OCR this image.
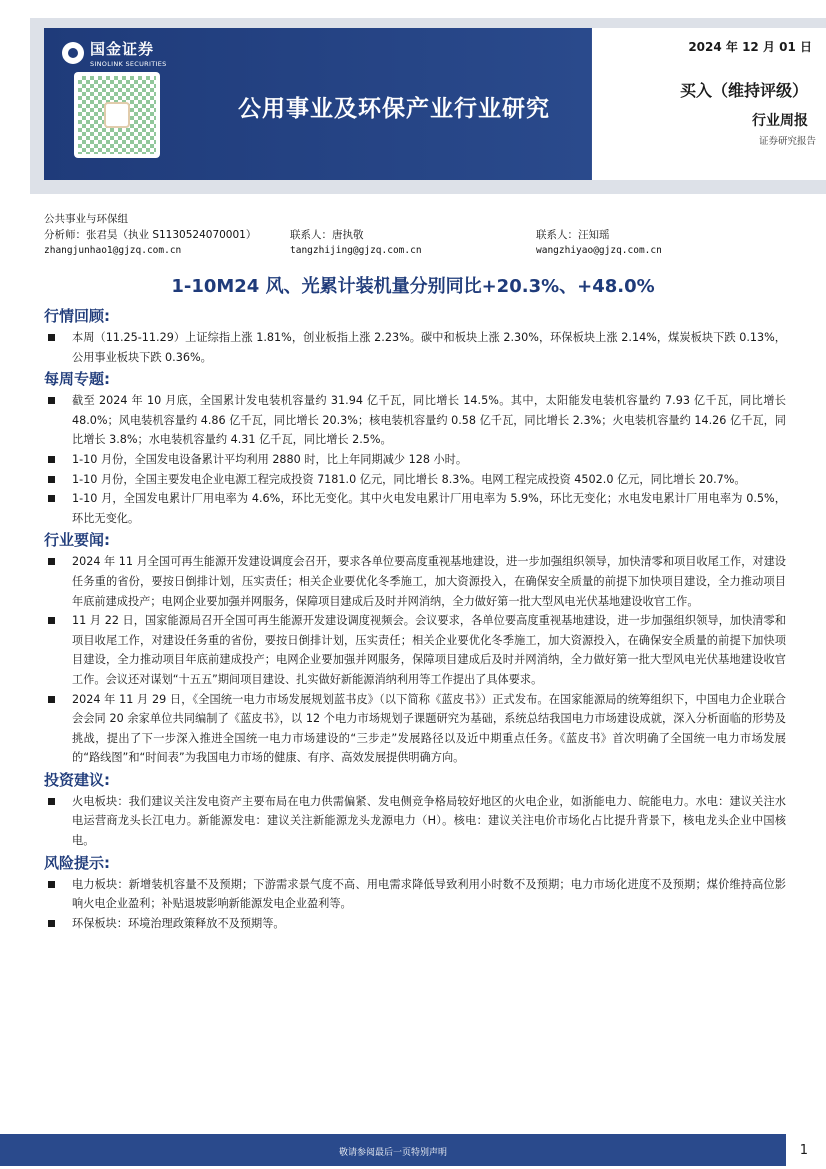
国金证券
SINOLINK SECURITIES
公用事业及环保产业行业研究
2024 年 12 月 01 日
买入（维持评级）
行业周报
证券研究报告
公共事业与环保组
分析师：张君昊（执业 S1130524070001）	联系人：唐执敬	联系人：汪知瑶
zhangjunhao1@gjzq.com.cn	tangzhijing@gjzq.com.cn	wangzhiyao@gjzq.com.cn
1-10M24 风、光累计装机量分别同比+20.3%、+48.0%
行情回顾:
本周（11.25-11.29）上证综指上涨 1.81%，创业板指上涨 2.23%。碳中和板块上涨 2.30%，环保板块上涨 2.14%，煤炭板块下跌 0.13%，公用事业板块下跌 0.36%。
每周专题:
截至 2024 年 10 月底，全国累计发电装机容量约 31.94 亿千瓦，同比增长 14.5%。其中，太阳能发电装机容量约 7.93 亿千瓦，同比增长 48.0%；风电装机容量约 4.86 亿千瓦，同比增长 20.3%；核电装机容量约 0.58 亿千瓦，同比增长 2.3%；火电装机容量约 14.26 亿千瓦，同比增长 3.8%；水电装机容量约 4.31 亿千瓦，同比增长 2.5%。
1-10 月份，全国发电设备累计平均利用 2880 时，比上年同期减少 128 小时。
1-10 月份，全国主要发电企业电源工程完成投资 7181.0 亿元，同比增长 8.3%。电网工程完成投资 4502.0 亿元，同比增长 20.7%。
1-10 月，全国发电累计厂用电率为 4.6%，环比无变化。其中火电发电累计厂用电率为 5.9%，环比无变化；水电发电累计厂用电率为 0.5%，环比无变化。
行业要闻:
2024 年 11 月全国可再生能源开发建设调度会召开，要求各单位要高度重视基地建设，进一步加强组织领导，加快清零和项目收尾工作，对建设任务重的省份，要按日倒排计划，压实责任；相关企业要优化冬季施工，加大资源投入，在确保安全质量的前提下加快项目建设，全力推动项目年底前建成投产；电网企业要加强并网服务，保障项目建成后及时并网消纳，全力做好第一批大型风电光伏基地建设收官工作。
11 月 22 日，国家能源局召开全国可再生能源开发建设调度视频会。会议要求，各单位要高度重视基地建设，进一步加强组织领导，加快清零和项目收尾工作，对建设任务重的省份，要按日倒排计划，压实责任；相关企业要优化冬季施工，加大资源投入，在确保安全质量的前提下加快项目建设，全力推动项目年底前建成投产；电网企业要加强并网服务，保障项目建成后及时并网消纳，全力做好第一批大型风电光伏基地建设收官工作。会议还对谋划“十五五”期间项目建设、扎实做好新能源消纳利用等工作提出了具体要求。
2024 年 11 月 29 日，《全国统一电力市场发展规划蓝书皮》（以下简称《蓝皮书》）正式发布。在国家能源局的统筹组织下，中国电力企业联合会会同 20 余家单位共同编制了《蓝皮书》，以 12 个电力市场规划子课题研究为基础，系统总结我国电力市场建设成就，深入分析面临的形势及挑战，提出了下一步深入推进全国统一电力市场建设的“三步走”发展路径以及近中期重点任务。《蓝皮书》首次明确了全国统一电力市场发展的“路线图”和“时间表”为我国电力市场的健康、有序、高效发展提供明确方向。
投资建议:
火电板块：我们建议关注发电资产主要布局在电力供需偏紧、发电侧竞争格局较好地区的火电企业，如浙能电力、皖能电力。水电：建议关注水电运营商龙头长江电力。新能源发电：建议关注新能源龙头龙源电力（H）。核电：建议关注电价市场化占比提升背景下，核电龙头企业中国核电。
风险提示:
电力板块：新增装机容量不及预期；下游需求景气度不高、用电需求降低导致利用小时数不及预期；电力市场化进度不及预期；煤价维持高位影响火电企业盈利；补贴退坡影响新能源发电企业盈利等。
环保板块：环境治理政策释放不及预期等。
敬请参阅最后一页特别声明	1
